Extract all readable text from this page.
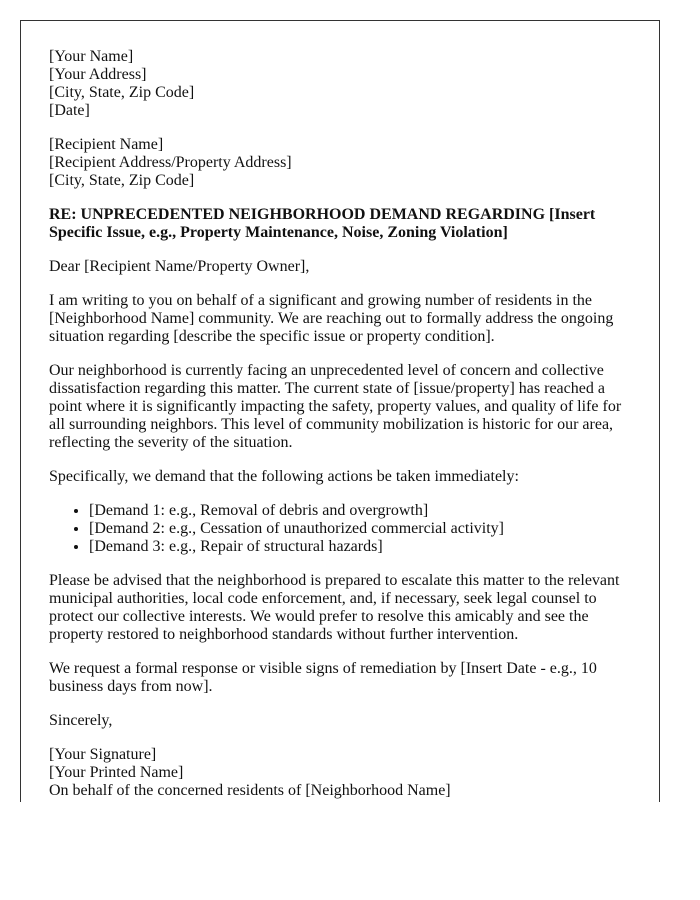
[Your Name]
[Your Address]
[City, State, Zip Code]
[Date]

[Recipient Name]
[Recipient Address/Property Address]
[City, State, Zip Code]

RE: UNPRECEDENTED NEIGHBORHOOD DEMAND REGARDING [Insert Specific Issue, e.g., Property Maintenance, Noise, Zoning Violation]

Dear [Recipient Name/Property Owner],

I am writing to you on behalf of a significant and growing number of residents in the [Neighborhood Name] community. We are reaching out to formally address the ongoing situation regarding [describe the specific issue or property condition].

Our neighborhood is currently facing an unprecedented level of concern and collective dissatisfaction regarding this matter. The current state of [issue/property] has reached a point where it is significantly impacting the safety, property values, and quality of life for all surrounding neighbors. This level of community mobilization is historic for our area, reflecting the severity of the situation.

Specifically, we demand that the following actions be taken immediately:

• [Demand 1: e.g., Removal of debris and overgrowth]
• [Demand 2: e.g., Cessation of unauthorized commercial activity]
• [Demand 3: e.g., Repair of structural hazards]

Please be advised that the neighborhood is prepared to escalate this matter to the relevant municipal authorities, local code enforcement, and, if necessary, seek legal counsel to protect our collective interests. We would prefer to resolve this amicably and see the property restored to neighborhood standards without further intervention.

We request a formal response or visible signs of remediation by [Insert Date - e.g., 10 business days from now].

Sincerely,

[Your Signature]
[Your Printed Name]
On behalf of the concerned residents of [Neighborhood Name]
